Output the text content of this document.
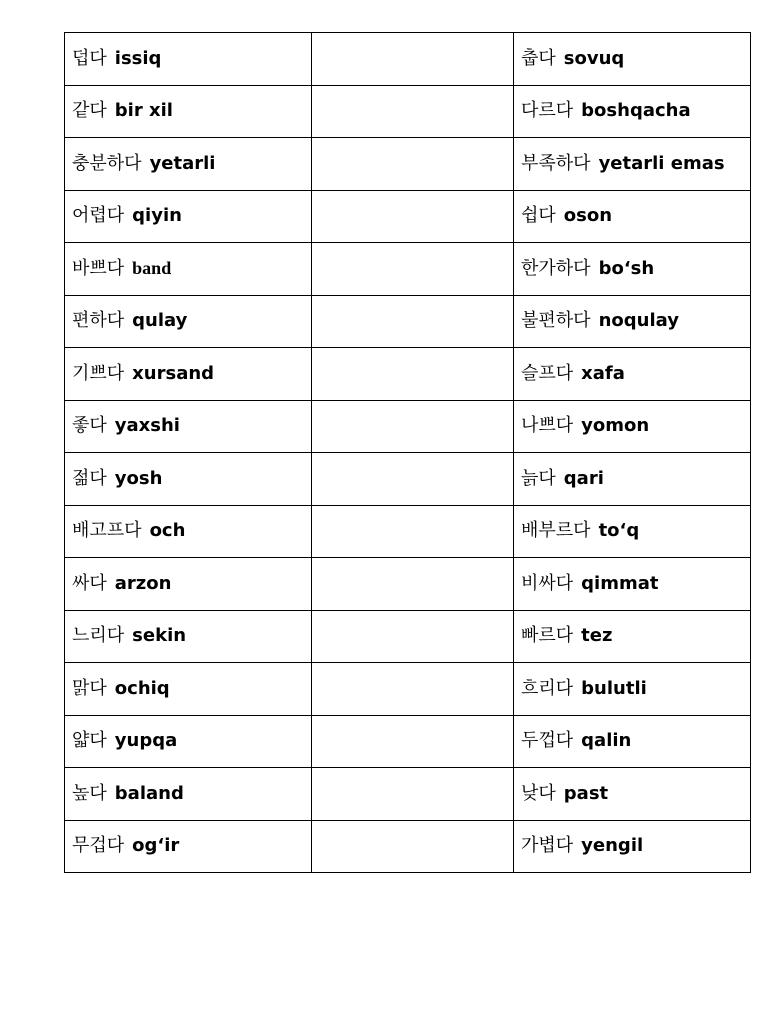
덥다 issiq		춥다 sovuq
같다 bir xil		다르다 boshqacha
충분하다 yetarli		부족하다 yetarli emas
어렵다 qiyin		쉽다 oson
바쁘다 band		한가하다 bo‘sh
편하다 qulay		불편하다 noqulay
기쁘다 xursand		슬프다 xafa
좋다 yaxshi		나쁘다 yomon
젊다 yosh		늙다 qari
배고프다 och		배부르다 to‘q
싸다 arzon		비싸다 qimmat
느리다 sekin		빠르다 tez
맑다 ochiq		흐리다 bulutli
얇다 yupqa		두껍다 qalin
높다 baland		낮다 past
무겁다 og‘ir		가볍다 yengil
